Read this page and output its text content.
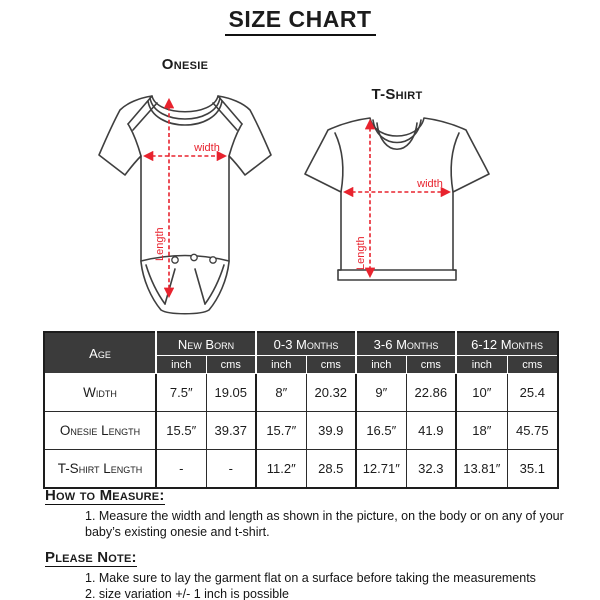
SIZE CHART
Onesie
width
Length
T-Shirt
width
Length
Age	New Born		0-3 Months		3-6 Months		6-12 Months	
	inch	cms	inch	cms	inch	cms	inch	cms
Width	7.5″	19.05	8″	20.32	9″	22.86	10″	25.4
Onesie Length	15.5″	39.37	15.7″	39.9	16.5″	41.9	18″	45.75
T-Shirt Length	-	-	11.2″	28.5	12.71″	32.3	13.81″	35.1
How to Measure:
1. Measure the width and length as shown in the picture, on the body or on any of your baby’s existing onesie and t-shirt.
Please Note:
1. Make sure to lay the garment flat on a surface before taking the measurements
2. size variation +/- 1 inch is possible
